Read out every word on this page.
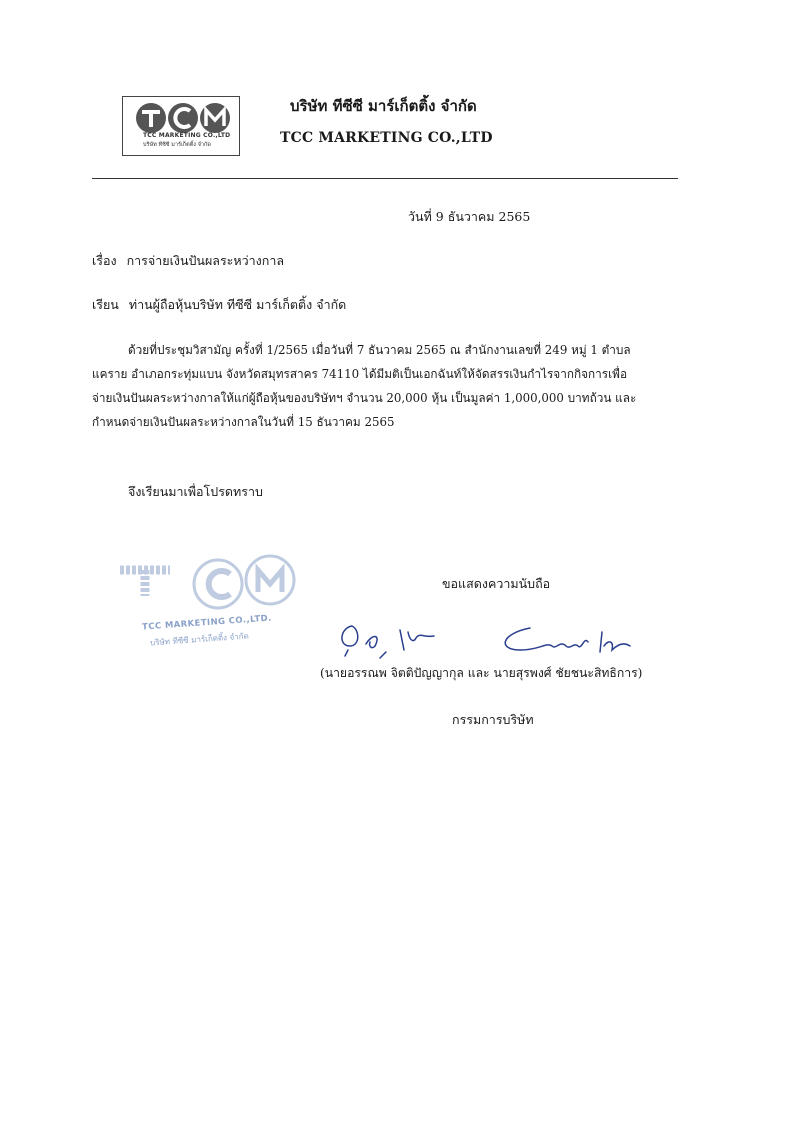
TCC MARKETING CO.,LTD
บริษัท ทีซีซี มาร์เก็ตติ้ง จำกัด
บริษัท ทีซีซี มาร์เก็ตติ้ง จำกัด
TCC MARKETING CO.,LTD
วันที่ 9 ธันวาคม 2565
เรื่อง การจ่ายเงินปันผลระหว่างกาล
เรียน ท่านผู้ถือหุ้นบริษัท ทีซีซี มาร์เก็ตติ้ง จำกัด
ด้วยที่ประชุมวิสามัญ ครั้งที่ 1/2565 เมื่อวันที่ 7 ธันวาคม 2565 ณ สำนักงานเลขที่ 249 หมู่ 1 ตำบล
แคราย อำเภอกระทุ่มแบน จังหวัดสมุทรสาคร 74110 ได้มีมติเป็นเอกฉันท์ให้จัดสรรเงินกำไรจากกิจการเพื่อ
จ่ายเงินปันผลระหว่างกาลให้แก่ผู้ถือหุ้นของบริษัทฯ จำนวน 20,000 หุ้น เป็นมูลค่า 1,000,000 บาทถ้วน และ
กำหนดจ่ายเงินปันผลระหว่างกาลในวันที่ 15 ธันวาคม 2565
จึงเรียนมาเพื่อโปรดทราบ
TCC MARKETING CO.,LTD.
บริษัท ทีซีซี มาร์เก็ตติ้ง จำกัด
ขอแสดงความนับถือ
(นายอรรณพ จิตติปัญญากุล และ นายสุรพงศ์ ชัยชนะสิทธิการ)
กรรมการบริษัท
